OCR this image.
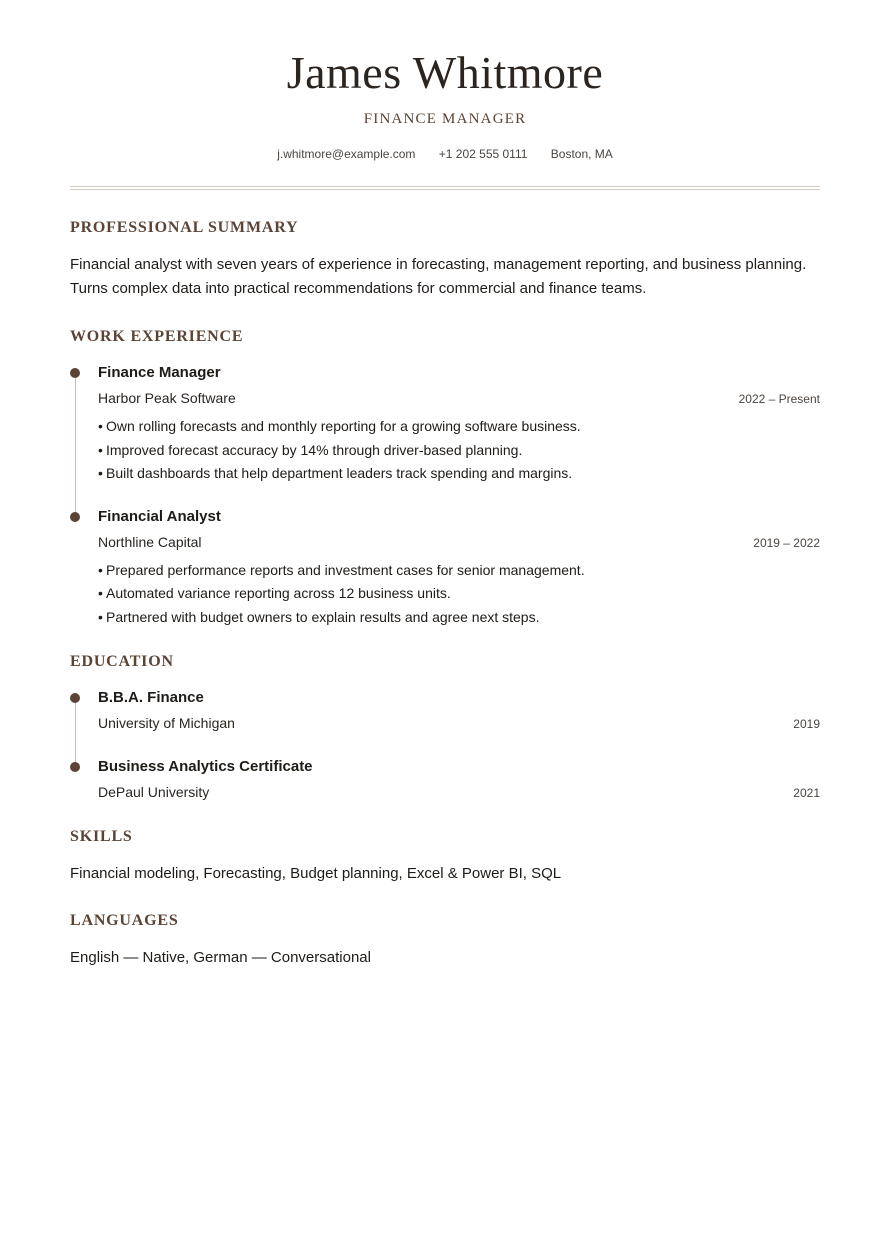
James Whitmore
FINANCE MANAGER
j.whitmore@example.com +1 202 555 0111 Boston, MA
PROFESSIONAL SUMMARY
Financial analyst with seven years of experience in forecasting, management reporting, and business planning. Turns complex data into practical recommendations for commercial and finance teams.
WORK EXPERIENCE
Finance Manager
Harbor Peak Software	2022 – Present
• Own rolling forecasts and monthly reporting for a growing software business.
• Improved forecast accuracy by 14% through driver-based planning.
• Built dashboards that help department leaders track spending and margins.
Financial Analyst
Northline Capital	2019 – 2022
• Prepared performance reports and investment cases for senior management.
• Automated variance reporting across 12 business units.
• Partnered with budget owners to explain results and agree next steps.
EDUCATION
B.B.A. Finance
University of Michigan	2019
Business Analytics Certificate
DePaul University	2021
SKILLS
Financial modeling, Forecasting, Budget planning, Excel & Power BI, SQL
LANGUAGES
English — Native, German — Conversational
